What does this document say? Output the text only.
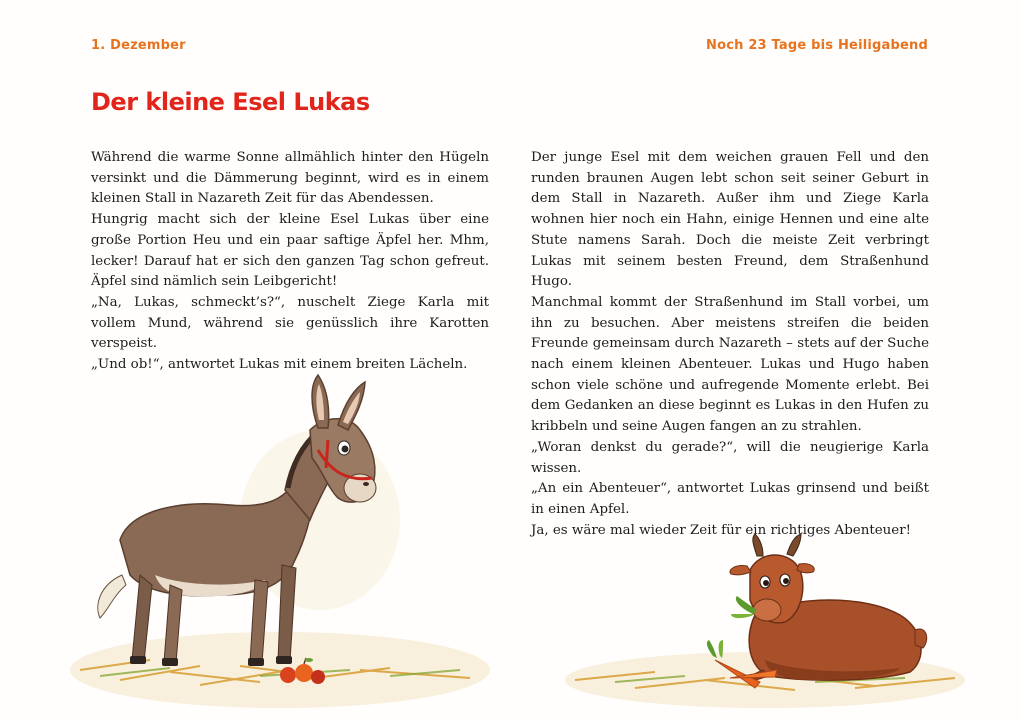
1. Dezember	Noch 23 Tage bis Heiligabend
Der kleine Esel Lukas

Während die warme Sonne allmählich hinter den Hügeln versinkt und die Dämmerung beginnt, wird es in einem kleinen Stall in Nazareth Zeit für das Abendessen.

Hungrig macht sich der kleine Esel Lukas über eine große Portion Heu und ein paar saftige Äpfel her. Mhm, lecker! Darauf hat er sich den ganzen Tag schon gefreut. Äpfel sind nämlich sein Leibgericht!

„Na, Lukas, schmeckt’s?“, nuschelt Ziege Karla mit vollem Mund, während sie genüsslich ihre Karotten verspeist.

„Und ob!“, antwortet Lukas mit einem breiten Lächeln.

Der junge Esel mit dem weichen grauen Fell und den runden braunen Augen lebt schon seit seiner Geburt in dem Stall in Nazareth. Außer ihm und Ziege Karla wohnen hier noch ein Hahn, einige Hennen und eine alte Stute namens Sarah. Doch die meiste Zeit verbringt Lukas mit seinem besten Freund, dem Straßenhund Hugo.

Manchmal kommt der Straßenhund im Stall vorbei, um ihn zu besuchen. Aber meistens streifen die beiden Freunde gemeinsam durch Nazareth – stets auf der Suche nach einem kleinen Abenteuer. Lukas und Hugo haben schon viele schöne und aufregende Momente erlebt. Bei dem Gedanken an diese beginnt es Lukas in den Hufen zu kribbeln und seine Augen fangen an zu strahlen.

„Woran denkst du gerade?“, will die neugierige Karla wissen.

„An ein Abenteuer“, antwortet Lukas grinsend und beißt in einen Apfel.

Ja, es wäre mal wieder Zeit für ein richtiges Abenteuer!
